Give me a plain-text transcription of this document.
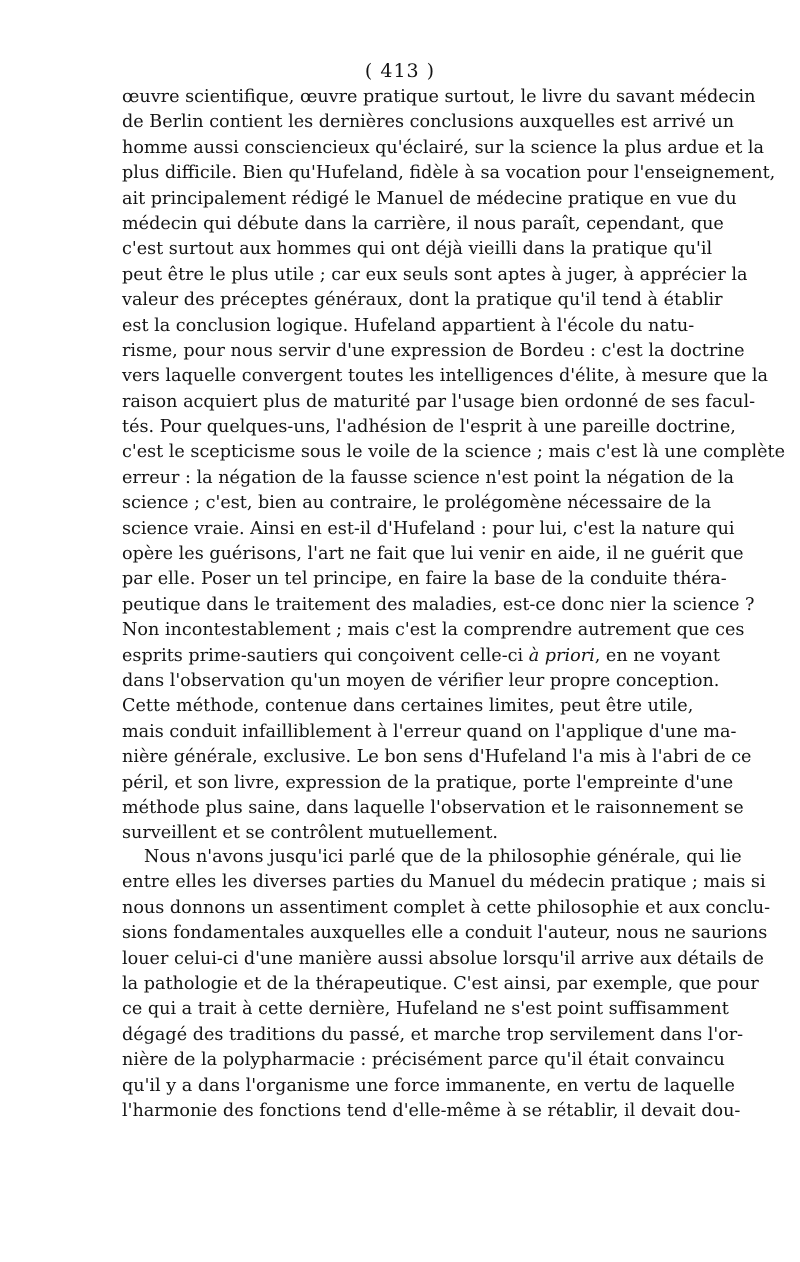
( 413 )
œuvre scientifique, œuvre pratique surtout, le livre du savant médecin
de Berlin contient les dernières conclusions auxquelles est arrivé un
homme aussi consciencieux qu'éclairé, sur la science la plus ardue et la
plus difficile. Bien qu'Hufeland, fidèle à sa vocation pour l'enseignement,
ait principalement rédigé le Manuel de médecine pratique en vue du
médecin qui débute dans la carrière, il nous paraît, cependant, que
c'est surtout aux hommes qui ont déjà vieilli dans la pratique qu'il
peut être le plus utile ; car eux seuls sont aptes à juger, à apprécier la
valeur des préceptes généraux, dont la pratique qu'il tend à établir
est la conclusion logique. Hufeland appartient à l'école du natu-
risme, pour nous servir d'une expression de Bordeu : c'est la doctrine
vers laquelle convergent toutes les intelligences d'élite, à mesure que la
raison acquiert plus de maturité par l'usage bien ordonné de ses facul-
tés. Pour quelques-uns, l'adhésion de l'esprit à une pareille doctrine,
c'est le scepticisme sous le voile de la science ; mais c'est là une complète
erreur : la négation de la fausse science n'est point la négation de la
science ; c'est, bien au contraire, le prolégomène nécessaire de la
science vraie. Ainsi en est-il d'Hufeland : pour lui, c'est la nature qui
opère les guérisons, l'art ne fait que lui venir en aide, il ne guérit que
par elle. Poser un tel principe, en faire la base de la conduite théra-
peutique dans le traitement des maladies, est-ce donc nier la science ?
Non incontestablement ; mais c'est la comprendre autrement que ces
esprits prime-sautiers qui conçoivent celle-ci à priori, en ne voyant
dans l'observation qu'un moyen de vérifier leur propre conception.
Cette méthode, contenue dans certaines limites, peut être utile,
mais conduit infailliblement à l'erreur quand on l'applique d'une ma-
nière générale, exclusive. Le bon sens d'Hufeland l'a mis à l'abri de ce
péril, et son livre, expression de la pratique, porte l'empreinte d'une
méthode plus saine, dans laquelle l'observation et le raisonnement se
surveillent et se contrôlent mutuellement.
Nous n'avons jusqu'ici parlé que de la philosophie générale, qui lie
entre elles les diverses parties du Manuel du médecin pratique ; mais si
nous donnons un assentiment complet à cette philosophie et aux conclu-
sions fondamentales auxquelles elle a conduit l'auteur, nous ne saurions
louer celui-ci d'une manière aussi absolue lorsqu'il arrive aux détails de
la pathologie et de la thérapeutique. C'est ainsi, par exemple, que pour
ce qui a trait à cette dernière, Hufeland ne s'est point suffisamment
dégagé des traditions du passé, et marche trop servilement dans l'or-
nière de la polypharmacie : précisément parce qu'il était convaincu
qu'il y a dans l'organisme une force immanente, en vertu de laquelle
l'harmonie des fonctions tend d'elle-même à se rétablir, il devait dou-
